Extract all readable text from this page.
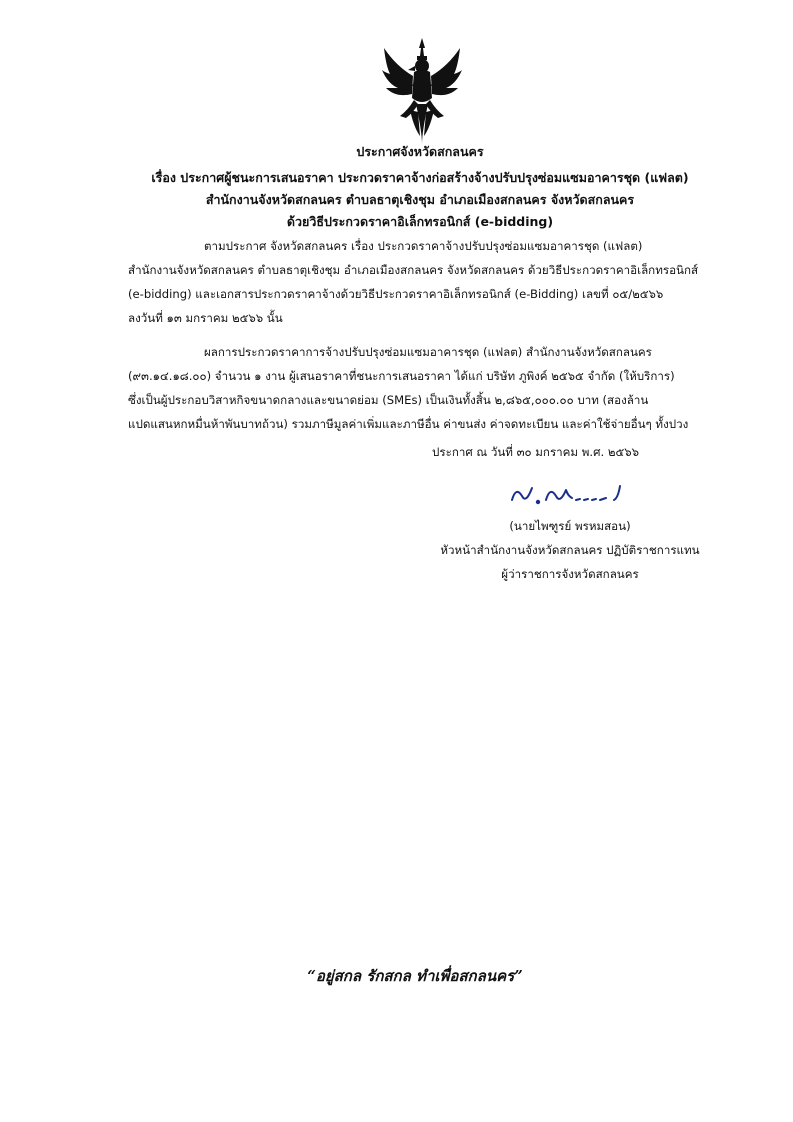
ประกาศจังหวัดสกลนคร
เรื่อง ประกาศผู้ชนะการเสนอราคา ประกวดราคาจ้างก่อสร้างจ้างปรับปรุงซ่อมแซมอาคารชุด (แฟลต)
สำนักงานจังหวัดสกลนคร ตำบลธาตุเชิงชุม อำเภอเมืองสกลนคร จังหวัดสกลนคร
ด้วยวิธีประกวดราคาอิเล็กทรอนิกส์ (e-bidding)
ตามประกาศ จังหวัดสกลนคร เรื่อง ประกวดราคาจ้างปรับปรุงซ่อมแซมอาคารชุด (แฟลต)
สำนักงานจังหวัดสกลนคร ตำบลธาตุเชิงชุม อำเภอเมืองสกลนคร จังหวัดสกลนคร ด้วยวิธีประกวดราคาอิเล็กทรอนิกส์
(e-bidding) และเอกสารประกวดราคาจ้างด้วยวิธีประกวดราคาอิเล็กทรอนิกส์ (e-Bidding) เลขที่ ๐๕/๒๕๖๖
ลงวันที่ ๑๓ มกราคม ๒๕๖๖ นั้น
ผลการประกวดราคาการจ้างปรับปรุงซ่อมแซมอาคารชุด (แฟลต) สำนักงานจังหวัดสกลนคร
(๙๓.๑๔.๑๘.๐๐) จำนวน ๑ งาน ผู้เสนอราคาที่ชนะการเสนอราคา ได้แก่ บริษัท ภูพิงค์ ๒๕๖๕ จำกัด (ให้บริการ)
ซึ่งเป็นผู้ประกอบวิสาหกิจขนาดกลางและขนาดย่อม (SMEs) เป็นเงินทั้งสิ้น ๒,๘๖๕,๐๐๐.๐๐ บาท (สองล้าน
แปดแสนหกหมื่นห้าพันบาทถ้วน) รวมภาษีมูลค่าเพิ่มและภาษีอื่น ค่าขนส่ง ค่าจดทะเบียน และค่าใช้จ่ายอื่นๆ ทั้งปวง
ประกาศ ณ วันที่ ๓๐ มกราคม พ.ศ. ๒๕๖๖
(นายไพฑูรย์ พรหมสอน)
หัวหน้าสำนักงานจังหวัดสกลนคร ปฏิบัติราชการแทน
ผู้ว่าราชการจังหวัดสกลนคร
“อยู่สกล รักสกล ทำเพื่อสกลนคร”
